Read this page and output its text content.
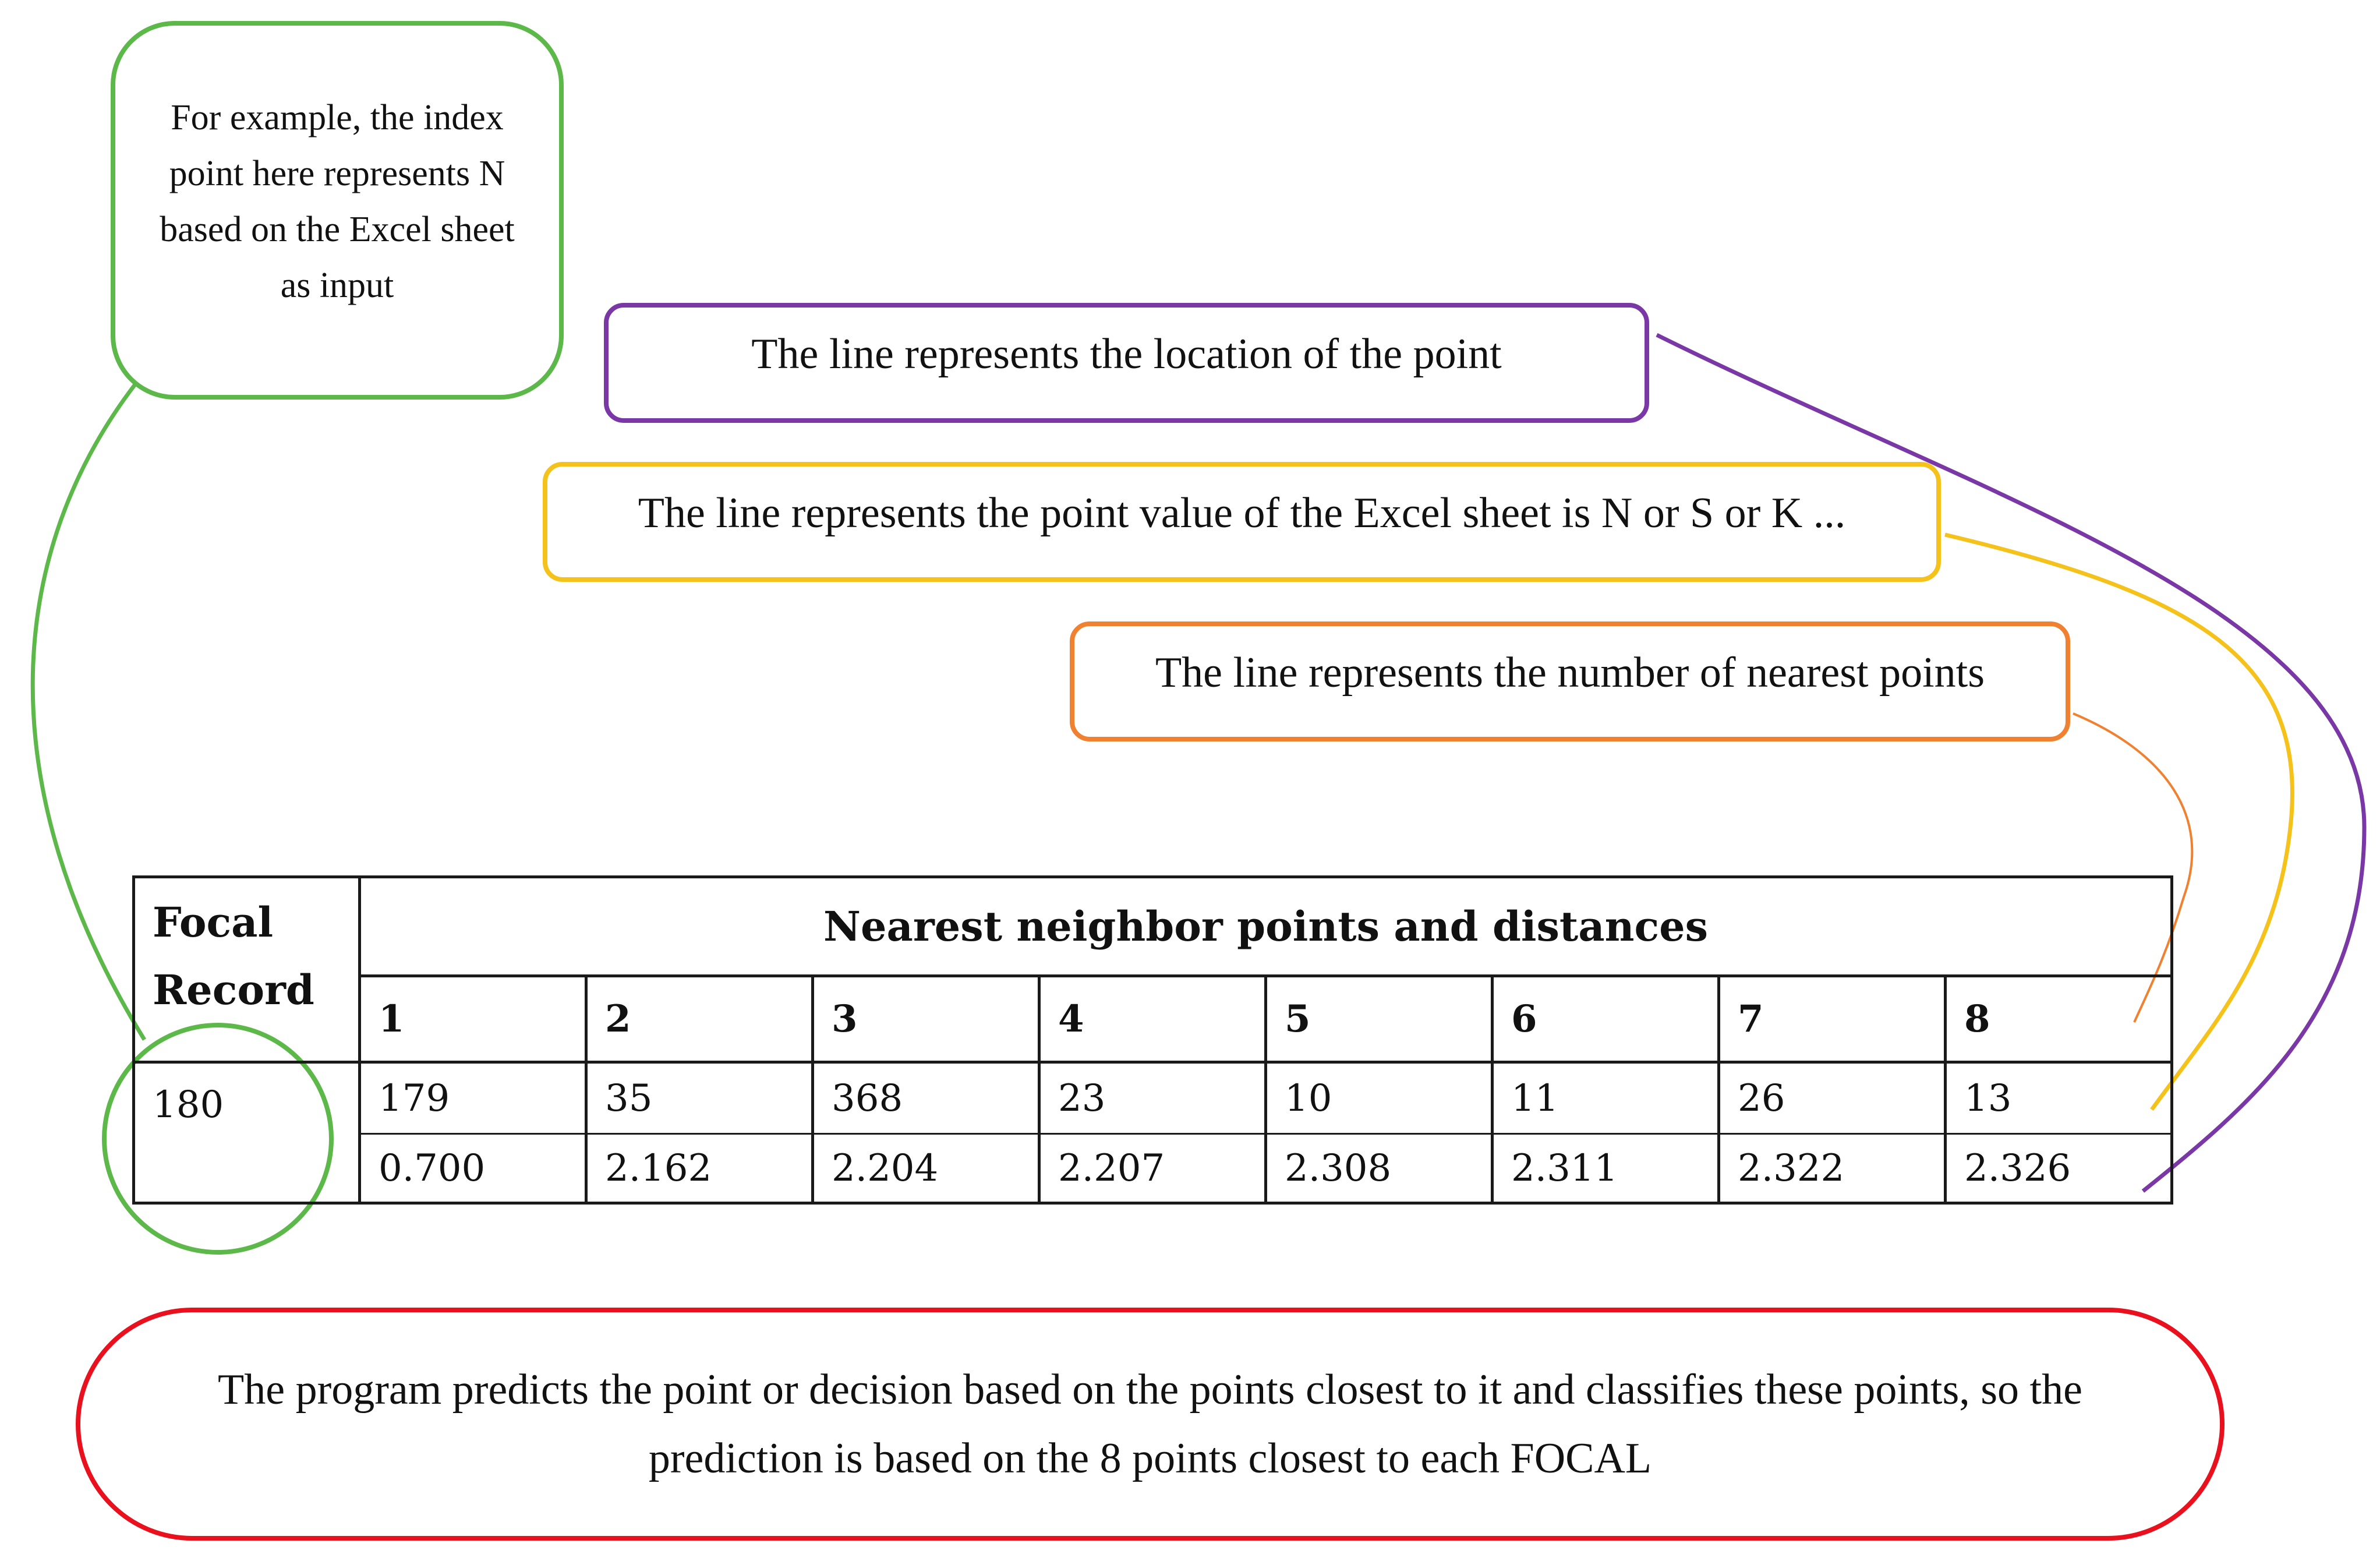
For example, the index point here represents N based on the Excel sheet as input
The line represents the location of the point
The line represents the point value of the Excel sheet is N or S or K ...
The line represents the number of nearest points
Focal Record	Nearest neighbor points and distances							
	1	2	3	4	5	6	7	8
180	179	35	368	23	10	11	26	13
	0.700	2.162	2.204	2.207	2.308	2.311	2.322	2.326
The program predicts the point or decision based on the points closest to it and classifies these points, so the prediction is based on the 8 points closest to each FOCAL
